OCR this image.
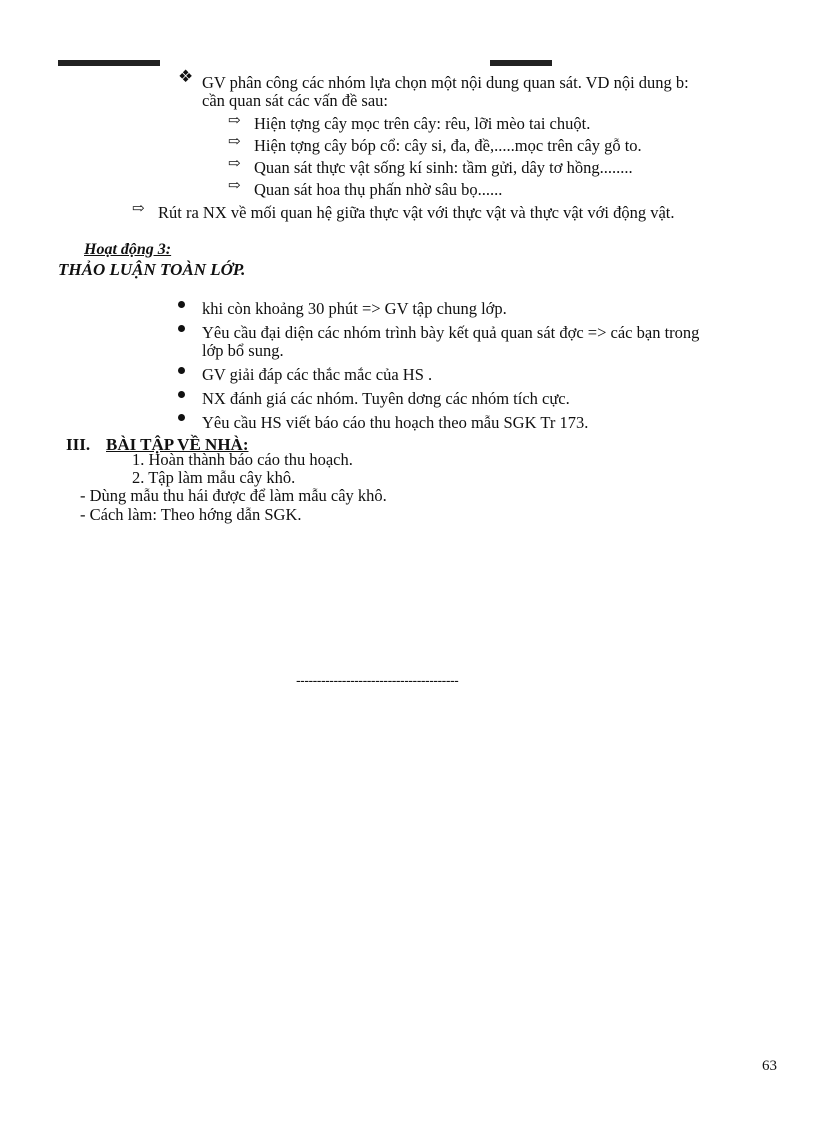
❖ GV phân công các nhóm lựa chọn một nội dung quan sát. VD nội dung b:
cần quan sát các vấn đề sau:
⇨ Hiện tợng cây mọc trên cây: rêu, lỡi mèo tai chuột.
⇨ Hiện tợng cây bóp cổ: cây si, đa, đề,.....mọc trên cây gỗ to.
⇨ Quan sát thực vật sống kí sinh: tầm gửi, dây tơ hồng........
⇨ Quan sát hoa thụ phấn nhờ sâu bọ......
⇨ Rút ra NX về mối quan hệ giữa thực vật với thực vật và thực vật với động vật.
Hoạt động 3:
THẢO LUẬN TOÀN LỚP.
khi còn khoảng 30 phút => GV tập chung lớp.
Yêu cầu đại diện các nhóm trình bày kết quả quan sát đợc => các bạn trong
lớp bổ sung.
GV giải đáp các thắc mắc của HS .
NX đánh giá các nhóm. Tuyên dơng các nhóm tích cực.
Yêu cầu HS viết báo cáo thu hoạch theo mẫu SGK Tr 173.
III. BÀI TẬP VỀ NHÀ:
1. Hoàn thành báo cáo thu hoạch.
2. Tập làm mẫu cây khô.
- Dùng mẫu thu hái được để làm mẫu cây khô.
- Cách làm: Theo hớng dẫn SGK.
---------------------------------------
63
